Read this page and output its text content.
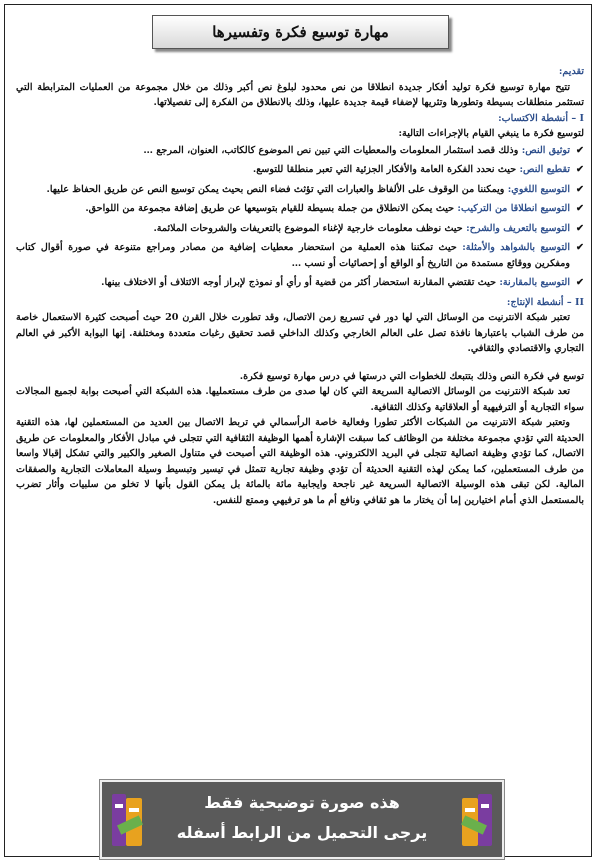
مهارة توسيع فكرة وتفسيرها

تقديم:

تتيح مهارة توسيع فكرة توليد أفكار جديدة انطلاقا من نص محدود لبلوغ نص أكبر وذلك من خلال مجموعة من العمليات المترابطة التي تستثمر منطلقات بسيطة وتطورها وتثريها لإضفاء قيمة جديدة عليها، وذلك بالانطلاق من الفكرة إلى تفصيلاتها.

I – أنشطة الاكتساب:

لتوسيع فكرة ما ينبغي القيام بالإجراءات التالية:

✔
توثيق النص: وذلك قصد استثمار المعلومات والمعطيات التي تبين نص الموضوع كالكاتب، العنوان، المرجع …
✔
تقطيع النص: حيث نحدد الفكرة العامة والأفكار الجزئية التي تعبر منطلقا للتوسع.
✔
التوسيع اللغوي: ويمكننا من الوقوف على الألفاظ والعبارات التي تؤثث فضاء النص بحيث يمكن توسيع النص عن طريق الحفاظ عليها.
✔
التوسيع انطلاقا من التركيب: حيث يمكن الانطلاق من جملة بسيطة للقيام بتوسيعها عن طريق إضافة مجموعة من اللواحق.
✔
التوسيع بالتعريف والشرح: حيث نوظف معلومات خارجية لإغناء الموضوع بالتعريفات والشروحات الملائمة.
✔
التوسيع بالشواهد والأمثلة: حيث تمكننا هذه العملية من استحضار معطيات إضافية من مصادر ومراجع متنوعة في صورة أقوال كتاب ومفكرين ووقائع مستمدة من التاريخ أو الواقع أو إحصائيات أو نسب …
✔
التوسيع بالمقارنة: حيث تقتضي المقارنة استحضار أكثر من قضية أو رأي أو نموذج لإبراز أوجه الائتلاف أو الاختلاف بينها.

II – أنشطة الإنتاج:

تعتبر شبكة الانترنيت من الوسائل التي لها دور في تسريع زمن الاتصال، وقد تطورت خلال القرن 20 حيث أصبحت كثيرة الاستعمال خاصة من طرف الشباب باعتبارها نافذة تصل على العالم الخارجي وكذلك الداخلي قصد تحقيق رغبات متعددة ومختلفة. إنها البوابة الأكبر في العالم التجاري والاقتصادي والثقافي.

توسع في فكرة النص وذلك بتتبعك للخطوات التي درستها في درس مهارة توسيع فكرة.

تعد شبكة الانترنيت من الوسائل الاتصالية السريعة التي كان لها صدى من طرف مستعمليها. هذه الشبكة التي أصبحت بوابة لجميع المجالات سواء التجارية أو الترفيهية أو العلاقاتية وكذلك الثقافية.

وتعتبر شبكة الانترنيت من الشبكات الأكثر تطورا وفعالية خاصة الرأسمالي في تربط الاتصال بين العديد من المستعملين لها، هذه التقنية الحديثة التي تؤدي مجموعة مختلفة من الوظائف كما سبقت الإشارة أهمها الوظيفة الثقافية التي تتجلى في مبادل الأفكار والمعلومات عن طريق الاتصال، كما تؤدي وظيفة اتصالية تتجلى في البريد الالكتروني. هذه الوظيفة التي أصبحت في متناول الصغير والكبير والتي تشكل إقبالا واسعا من طرف المستعملين، كما يمكن لهذه التقنية الحديثة أن تؤدي وظيفة تجارية تتمثل في تيسير وتبسيط وسيلة المعاملات التجارية والصفقات المالية. لكن تبقى هذه الوسيلة الاتصالية السريعة غير ناجحة وايجابية مائة بالمائة بل يمكن القول بأنها لا تخلو من سلبيات وأثار تضرب بالمستعمل الذي أمام اختيارين إما أن يختار ما هو ثقافي ونافع أم ما هو ترفيهي وممتع للنفس.

هذه صورة توضيحية فقط
يرجى التحميل من الرابط أسفله
